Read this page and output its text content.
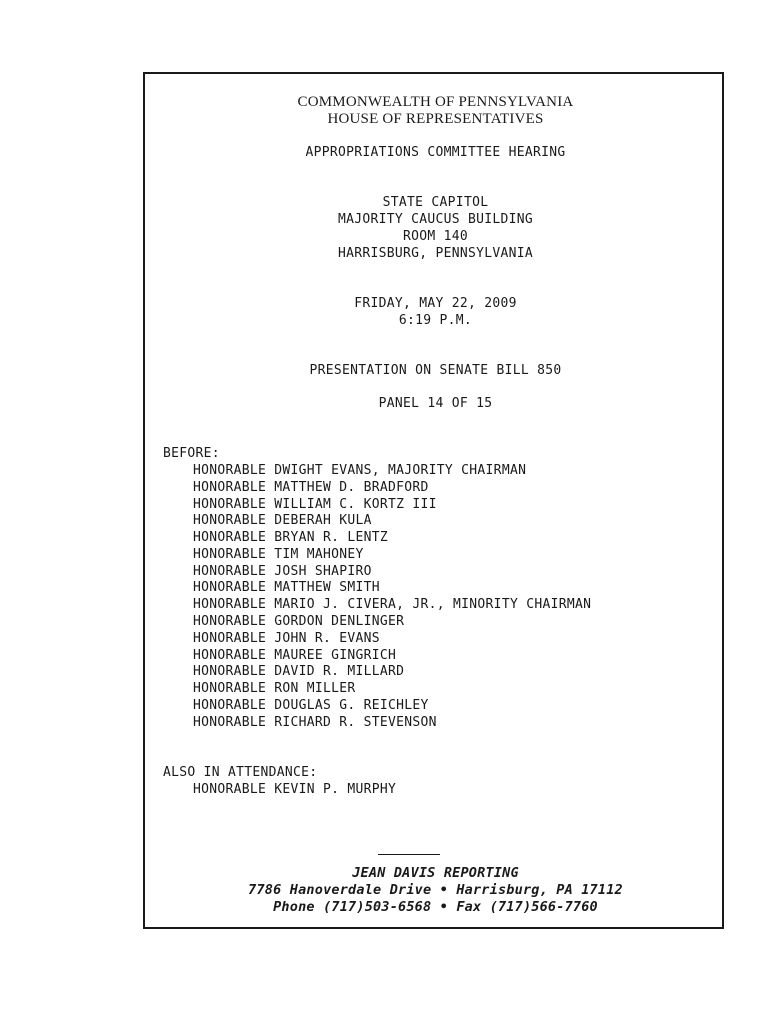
COMMONWEALTH OF PENNSYLVANIA
HOUSE OF REPRESENTATIVES
APPROPRIATIONS COMMITTEE HEARING
STATE CAPITOL
MAJORITY CAUCUS BUILDING
ROOM 140
HARRISBURG, PENNSYLVANIA
FRIDAY, MAY 22, 2009
6:19 P.M.
PRESENTATION ON SENATE BILL 850
PANEL 14 OF 15
BEFORE:
HONORABLE DWIGHT EVANS, MAJORITY CHAIRMAN
HONORABLE MATTHEW D. BRADFORD
HONORABLE WILLIAM C. KORTZ III
HONORABLE DEBERAH KULA
HONORABLE BRYAN R. LENTZ
HONORABLE TIM MAHONEY
HONORABLE JOSH SHAPIRO
HONORABLE MATTHEW SMITH
HONORABLE MARIO J. CIVERA, JR., MINORITY CHAIRMAN
HONORABLE GORDON DENLINGER
HONORABLE JOHN R. EVANS
HONORABLE MAUREE GINGRICH
HONORABLE DAVID R. MILLARD
HONORABLE RON MILLER
HONORABLE DOUGLAS G. REICHLEY
HONORABLE RICHARD R. STEVENSON
ALSO IN ATTENDANCE:
HONORABLE KEVIN P. MURPHY
JEAN DAVIS REPORTING
7786 Hanoverdale Drive • Harrisburg, PA 17112
Phone (717)503-6568 • Fax (717)566-7760
